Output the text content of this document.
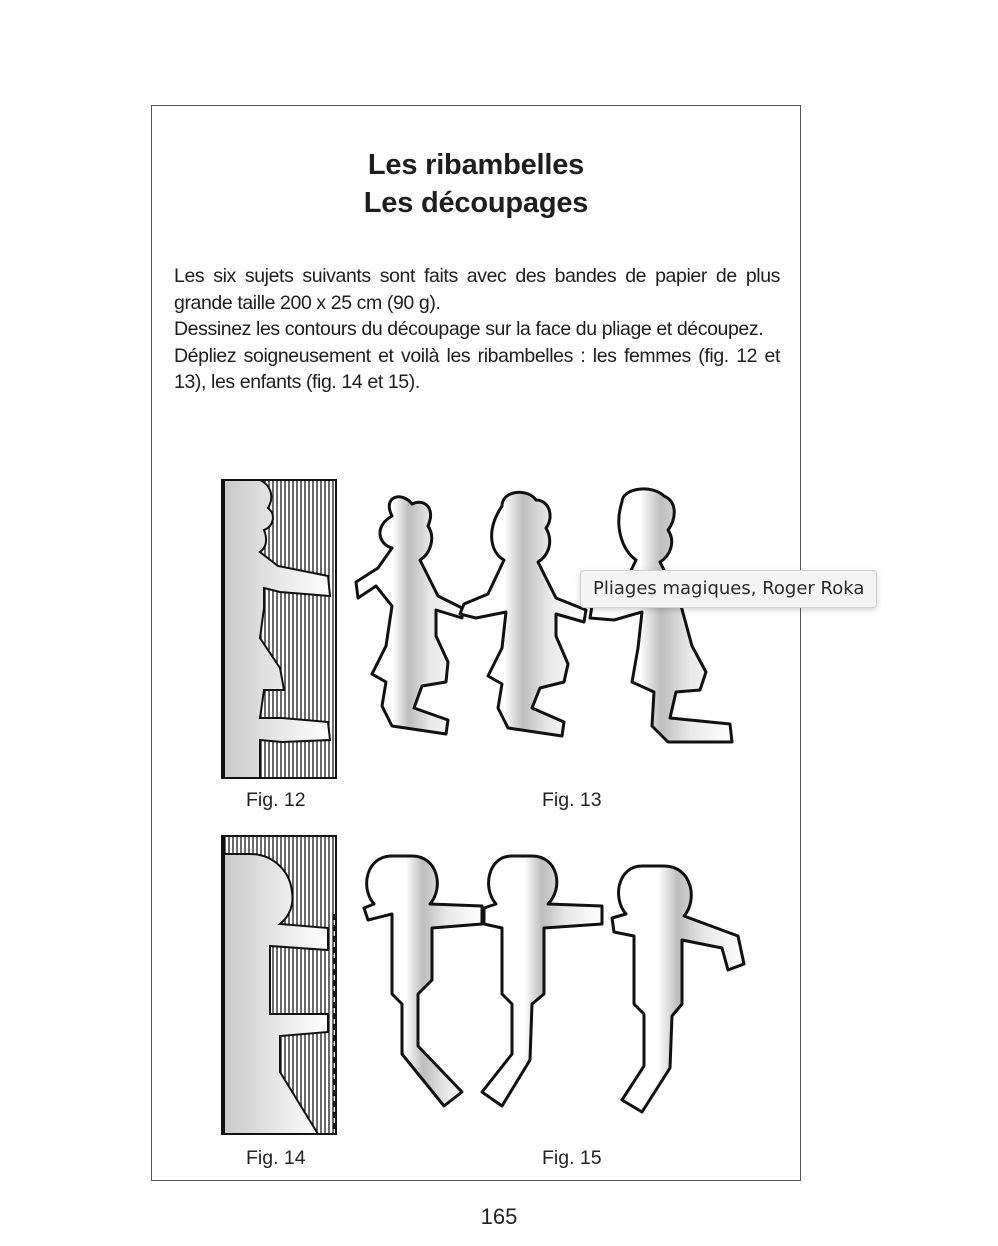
Les ribambelles
Les découpages

Les six sujets suivants sont faits avec des bandes de papier de plus grande taille 200 x 25 cm (90 g).

Dessinez les contours du découpage sur la face du pliage et découpez.

Dépliez soigneusement et voilà les ribambelles : les femmes (fig. 12 et 13), les enfants (fig. 14 et 15).

Fig. 12	Fig. 13
Fig. 14	Fig. 15
165
Pliages magiques, Roger Roka
